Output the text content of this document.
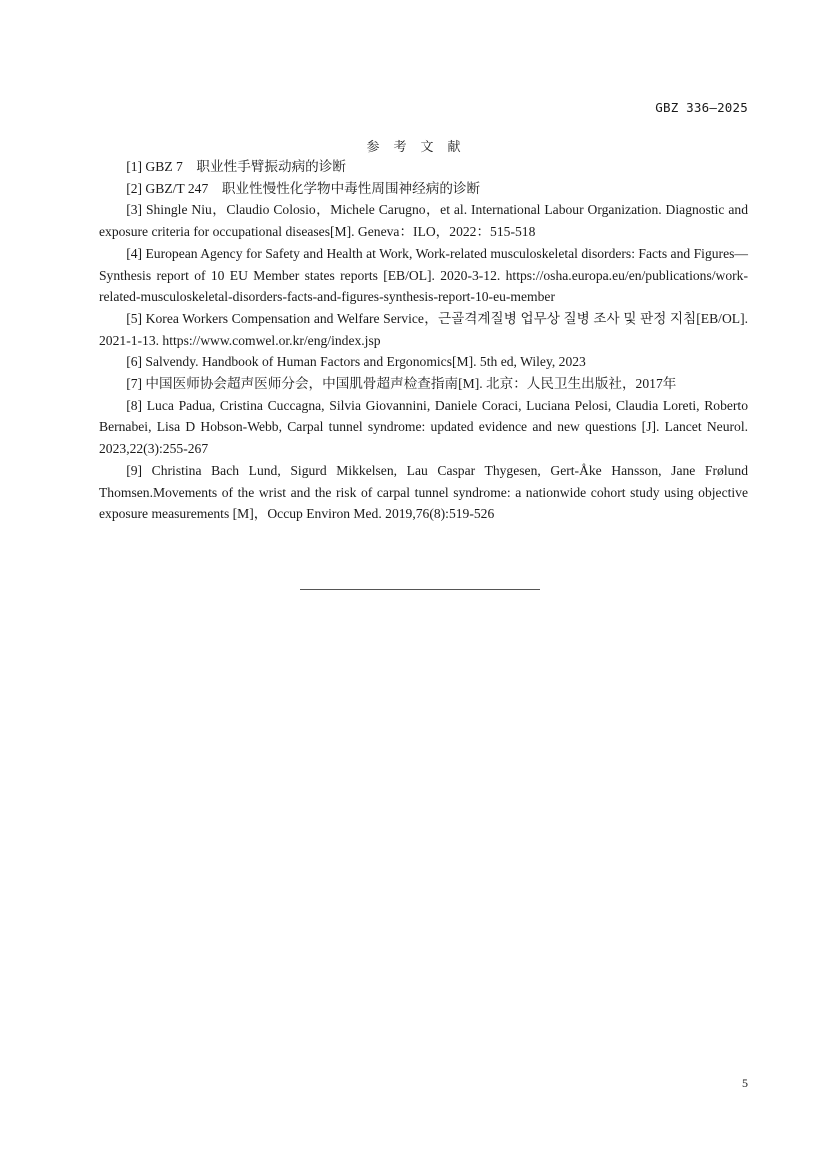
GBZ 336—2025
参考文献

[1] GBZ 7　职业性手臂振动病的诊断

[2] GBZ/T 247　职业性慢性化学物中毒性周围神经病的诊断

[3] Shingle Niu，Claudio Colosio，Michele Carugno，et al. International Labour Organization. Diagnostic and exposure criteria for occupational diseases[M]. Geneva：ILO，2022：515-518

[4] European Agency for Safety and Health at Work, Work-related musculoskeletal disorders: Facts and Figures—Synthesis report of 10 EU Member states reports [EB/OL]. 2020-3-12. https://osha.europa.eu/en/publications/work-related-musculoskeletal-disorders-facts-and-figures-synthesis-report-10-eu-member

[5] Korea Workers Compensation and Welfare Service，근골격계질병 업무상 질병 조사 및 판정 지침[EB/OL]. 2021-1-13. https://www.comwel.or.kr/eng/index.jsp

[6] Salvendy. Handbook of Human Factors and Ergonomics[M]. 5th ed, Wiley, 2023

[7] 中国医师协会超声医师分会，中国肌骨超声检查指南[M]. 北京：人民卫生出版社，2017年

[8] Luca Padua, Cristina Cuccagna, Silvia Giovannini, Daniele Coraci, Luciana Pelosi, Claudia Loreti, Roberto Bernabei, Lisa D Hobson-Webb, Carpal tunnel syndrome: updated evidence and new questions [J]. Lancet Neurol. 2023,22(3):255-267

[9] Christina Bach Lund, Sigurd Mikkelsen, Lau Caspar Thygesen, Gert-Åke Hansson, Jane Frølund Thomsen.Movements of the wrist and the risk of carpal tunnel syndrome: a nationwide cohort study using objective exposure measurements [M]，Occup Environ Med. 2019,76(8):519-526

5
